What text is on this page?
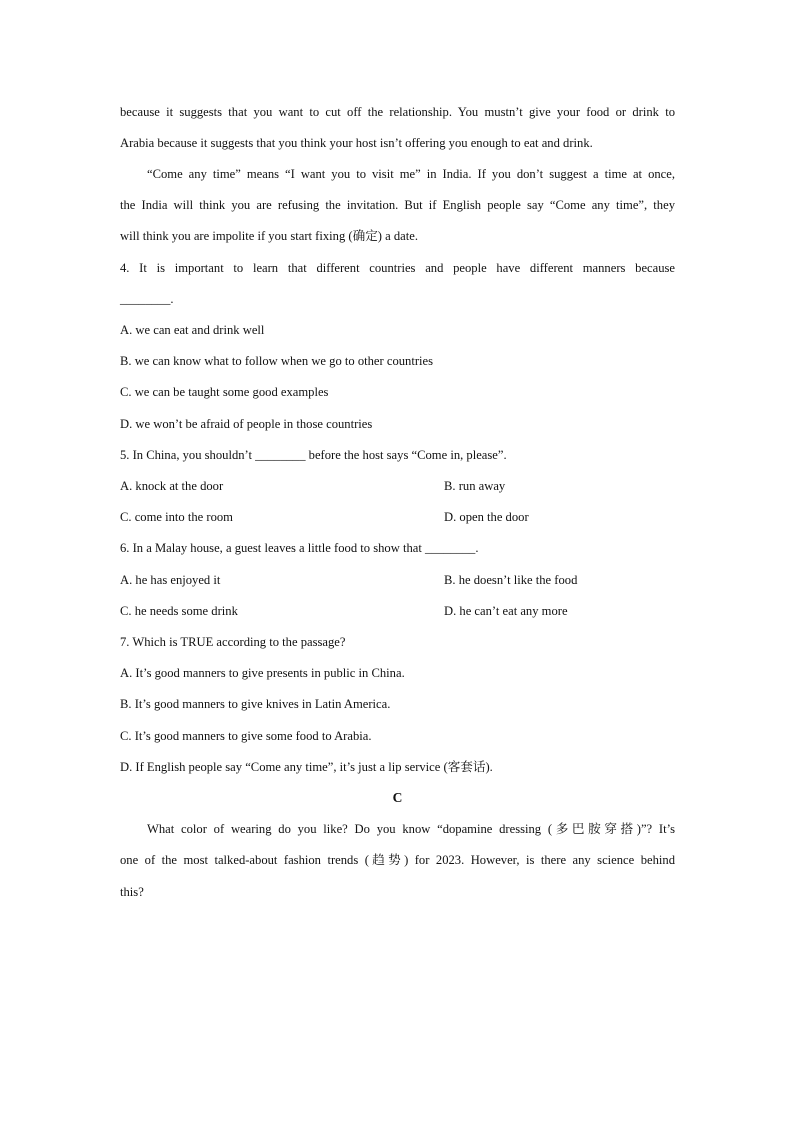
because it suggests that you want to cut off the relationship. You mustn’t give your food or drink to
Arabia because it suggests that you think your host isn’t offering you enough to eat and drink.
“Come any time” means “I want you to visit me” in India. If you don’t suggest a time at once,
the India will think you are refusing the invitation. But if English people say “Come any time”, they
will think you are impolite if you start fixing (确定) a date.
4. It is important to learn that different countries and people have different manners because
________.
A. we can eat and drink well
B. we can know what to follow when we go to other countries
C. we can be taught some good examples
D. we won’t be afraid of people in those countries
5. In China, you shouldn’t ________ before the host says “Come in, please”.
A. knock at the door	B. run away
C. come into the room	D. open the door
6. In a Malay house, a guest leaves a little food to show that ________.
A. he has enjoyed it	B. he doesn’t like the food
C. he needs some drink	D. he can’t eat any more
7. Which is TRUE according to the passage?
A. It’s good manners to give presents in public in China.
B. It’s good manners to give knives in Latin America.
C. It’s good manners to give some food to Arabia.
D. If English people say “Come any time”, it’s just a lip service (客套话).
C
What color of wearing do you like? Do you know “dopamine dressing (多巴胺穿搭)”? It’s
one of the most talked-about fashion trends (趋势) for 2023. However, is there any science behind
this?
